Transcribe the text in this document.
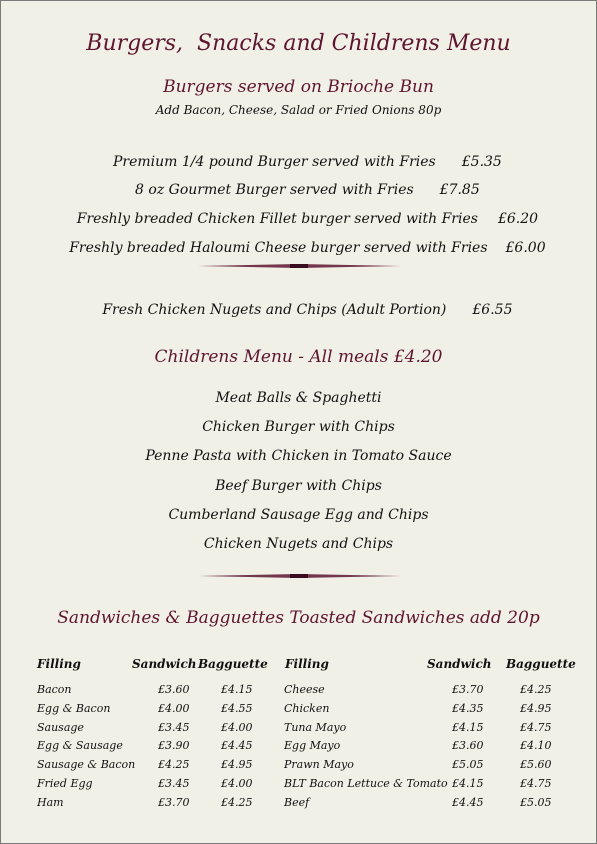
Burgers,  Snacks and Childrens Menu
Burgers served on Brioche Bun
Add Bacon, Cheese, Salad or Fried Onions 80p

Premium 1/4 pound Burger served with Fries £5.35

8 oz Gourmet Burger served with Fries £7.85

Freshly breaded Chicken Fillet burger served with Fries £6.20

Freshly breaded Haloumi Cheese burger served with Fries £6.00

Fresh Chicken Nugets and Chips (Adult Portion) £6.55

Childrens Menu - All meals £4.20
Meat Balls & Spaghetti
Chicken Burger with Chips
Penne Pasta with Chicken in Tomato Sauce
Beef Burger with Chips
Cumberland Sausage Egg and Chips
Chicken Nugets and Chips
Sandwiches & Bagguettes Toasted Sandwiches add 20p
Filling	Sandwich Bagguette Filling	Sandwich Bagguette
Bacon
Egg & Bacon
Sausage
Egg & Sausage
Sausage & Bacon
Fried Egg
Ham
£3.60
£4.00
£3.45
£3.90
£4.25
£3.45
£3.70
£4.15
£4.55
£4.00
£4.45
£4.95
£4.00
£4.25
Cheese
Chicken
Tuna Mayo
Egg Mayo
Prawn Mayo
BLT Bacon Lettuce & Tomato
Beef
£3.70
£4.35
£4.15
£3.60
£5.05
£4.15
£4.45
£4.25
£4.95
£4.75
£4.10
£5.60
£4.75
£5.05
